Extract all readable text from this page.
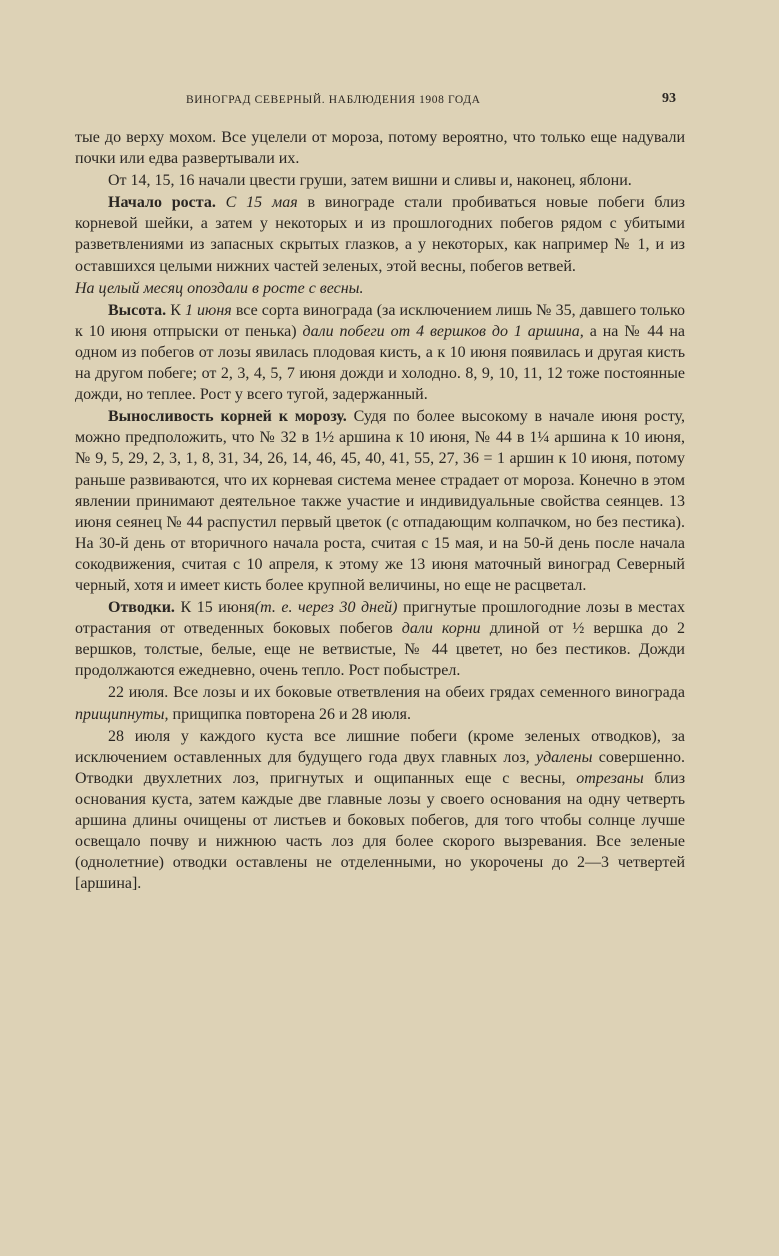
ВИНОГРАД СЕВЕРНЫЙ. НАБЛЮДЕНИЯ 1908 ГОДА	93

тые до верху мохом. Все уцелели от мороза, потому вероятно, что только еще надували почки или едва развертывали их.

От 14, 15, 16 начали цвести груши, затем вишни и сливы и, наконец, яблони.

Начало роста. С 15 мая в винограде стали пробиваться новые побеги близ корневой шейки, а затем у некоторых и из прошлогодних побегов рядом с убитыми разветвлениями из запасных скрытых глазков, а у некоторых, как например № 1, и из оставшихся целыми нижних частей зеленых, этой весны, побегов ветвей.

На целый месяц опоздали в росте с весны.

Высота. К 1 июня все сорта винограда (за исключением лишь № 35, давшего только к 10 июня отпрыски от пенька) дали побеги от 4 вершков до 1 аршина, а на № 44 на одном из побегов от лозы явилась плодовая кисть, а к 10 июня появилась и другая кисть на другом побеге; от 2, 3, 4, 5, 7 июня дожди и холодно. 8, 9, 10, 11, 12 тоже постоянные дожди, но теплее. Рост у всего тугой, задержанный.

Выносливость корней к морозу. Судя по более высокому в начале июня росту, можно предположить, что № 32 в 1½ аршина к 10 июня, № 44 в 1¼ аршина к 10 июня, № 9, 5, 29, 2, 3, 1, 8, 31, 34, 26, 14, 46, 45, 40, 41, 55, 27, 36 = 1 аршин к 10 июня, потому раньше развиваются, что их корневая система менее страдает от мороза. Конечно в этом явлении принимают деятельное также участие и индивидуальные свойства сеянцев. 13 июня сеянец № 44 распустил первый цветок (с отпадающим колпачком, но без пестика). На 30-й день от вторичного начала роста, считая с 15 мая, и на 50-й день после начала сокодвижения, считая с 10 апреля, к этому же 13 июня маточный виноград Северный черный, хотя и имеет кисть более крупной величины, но еще не расцветал.

Отводки. К 15 июня(т. е. через 30 дней) пригнутые прошлогодние лозы в местах отрастания от отведенных боковых побегов дали корни длиной от ½ вершка до 2 вершков, толстые, белые, еще не ветвистые, № 44 цветет, но без пестиков. Дожди продолжаются ежедневно, очень тепло. Рост побыстрел.

22 июля. Все лозы и их боковые ответвления на обеих грядах семенного винограда прищипнуты, прищипка повторена 26 и 28 июля.

28 июля у каждого куста все лишние побеги (кроме зеленых отводков), за исключением оставленных для будущего года двух главных лоз, удалены совершенно. Отводки двухлетних лоз, пригнутых и ощипанных еще с весны, отрезаны близ основания куста, затем каждые две главные лозы у своего основания на одну четверть аршина длины очищены от листьев и боковых побегов, для того чтобы солнце лучше освещало почву и нижнюю часть лоз для более скорого вызревания. Все зеленые (однолетние) отводки оставлены не отделенными, но укорочены до 2—3 четвертей [аршина].
